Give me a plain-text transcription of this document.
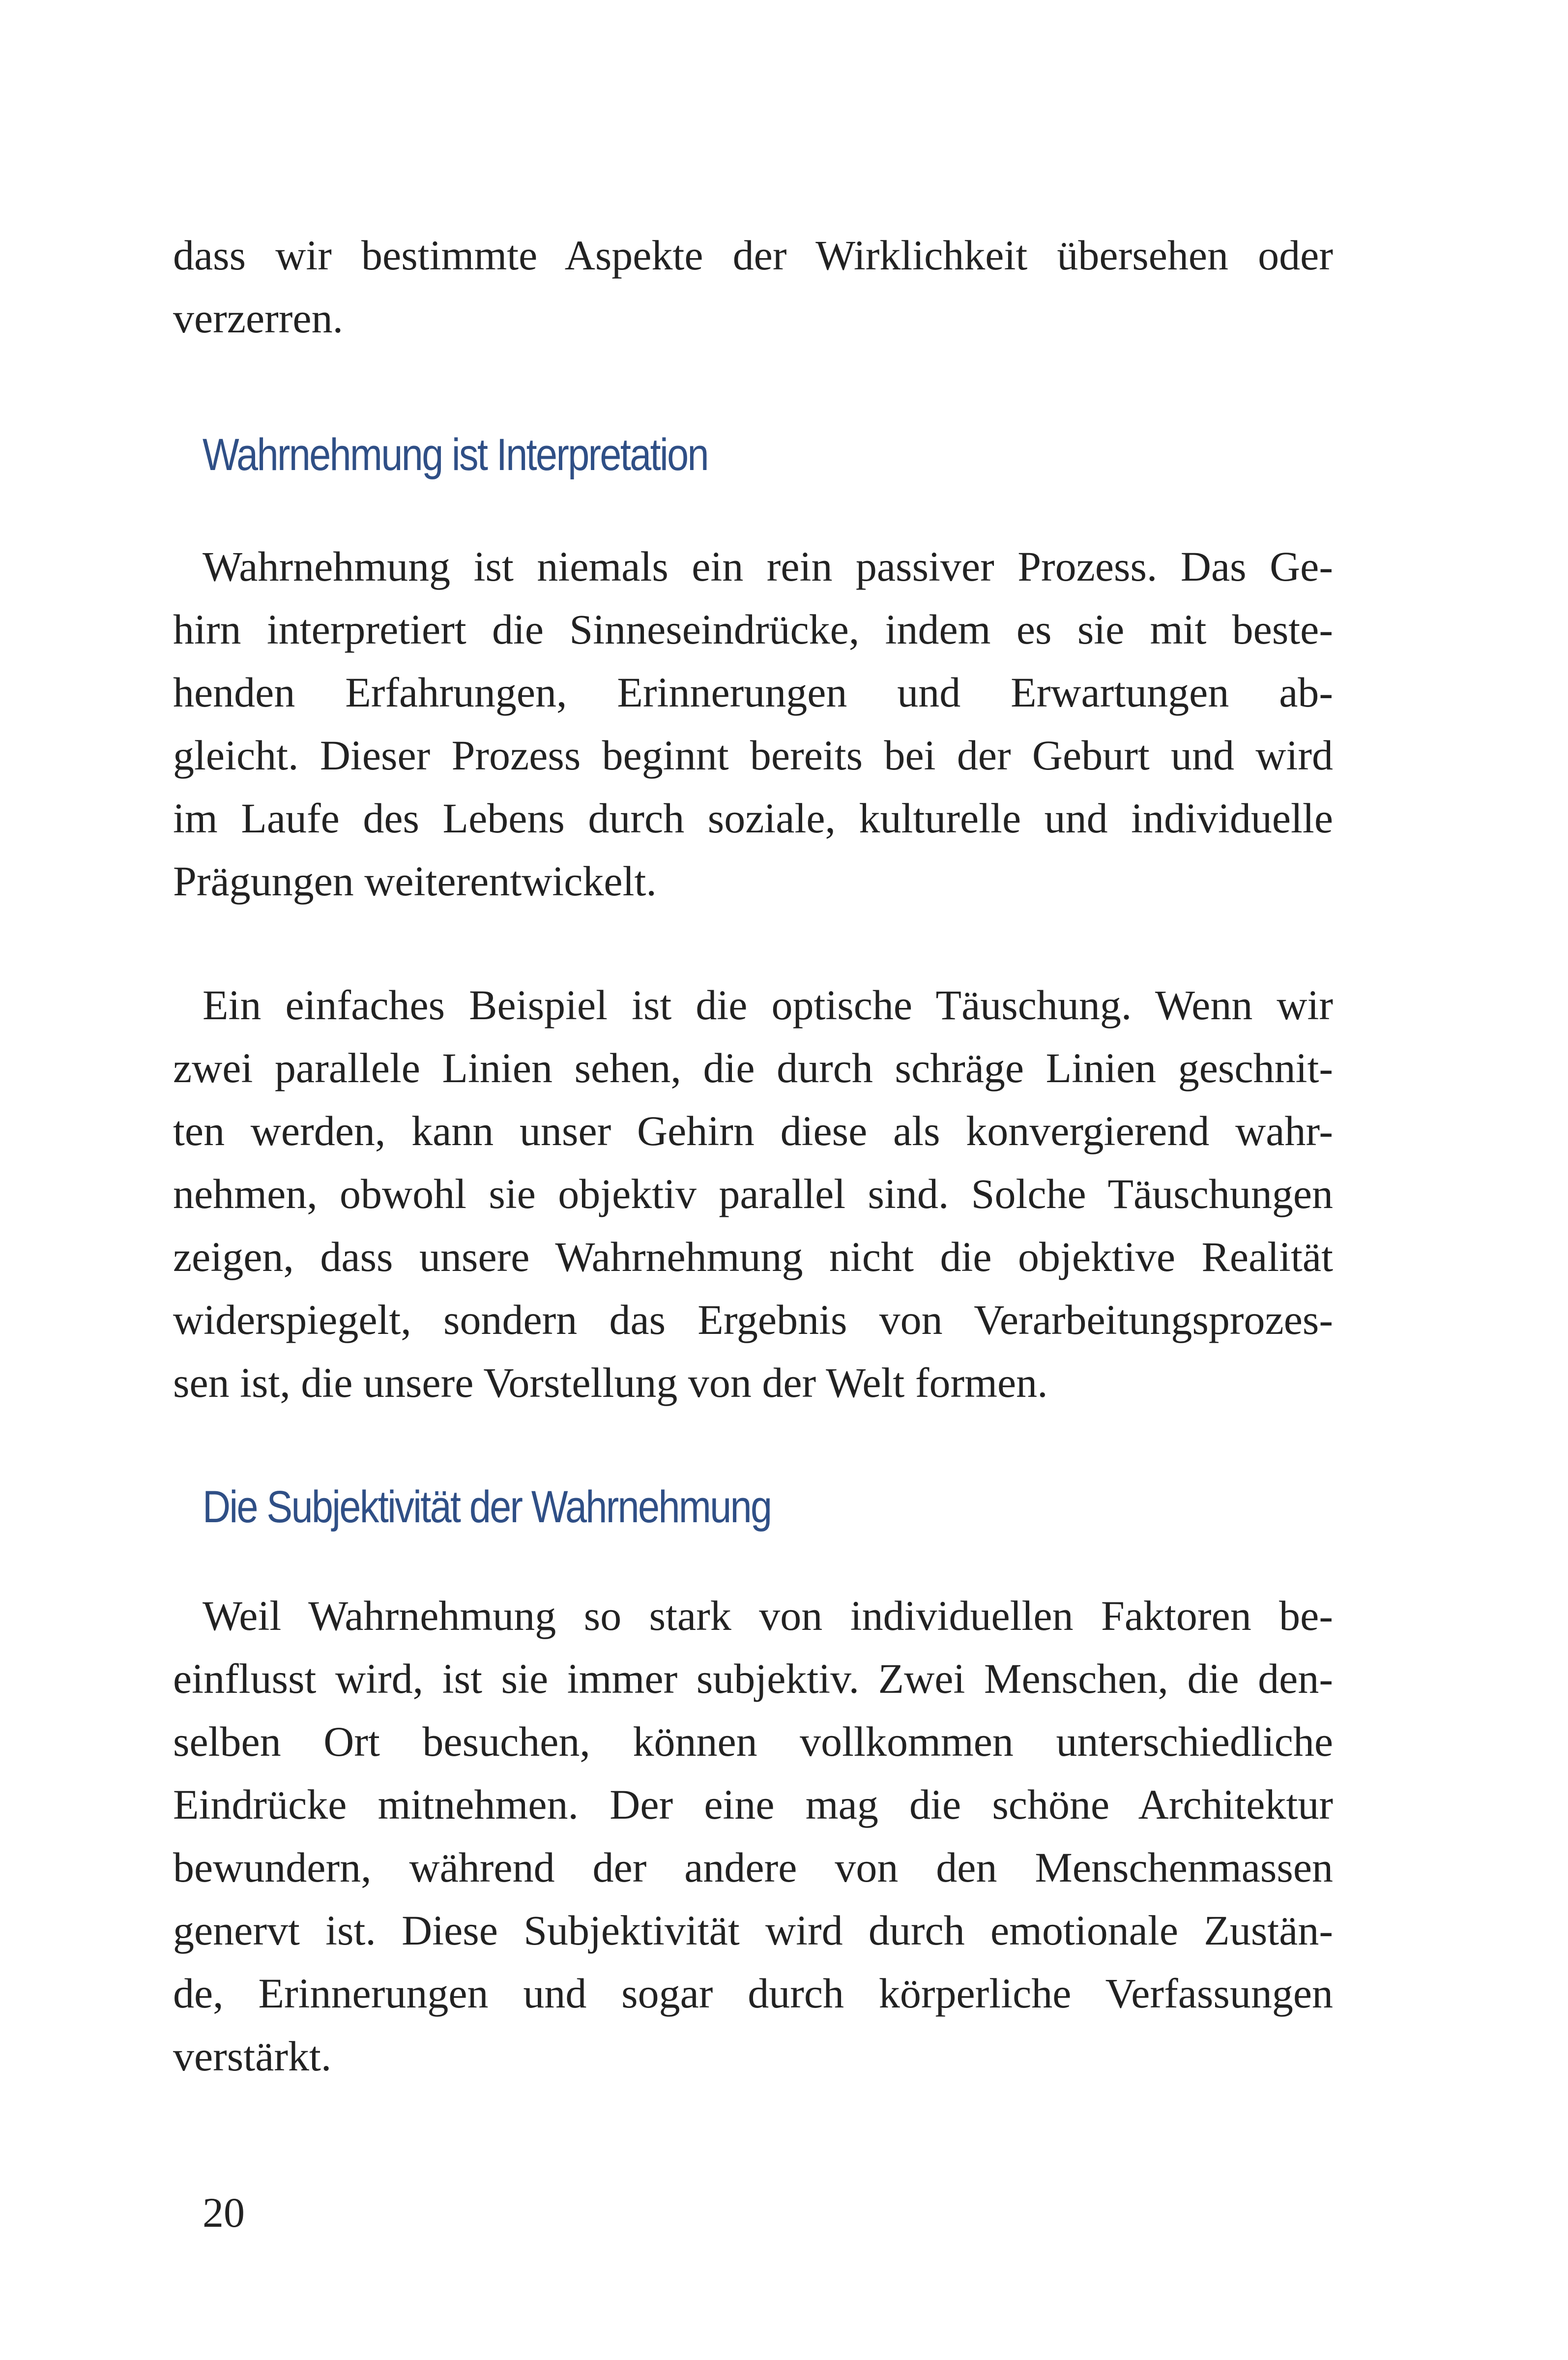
dass wir bestimmte Aspekte der Wirklichkeit übersehen oder
verzerren.

Wahrnehmung ist Interpretation

Wahrnehmung ist niemals ein rein passiver Prozess. Das Ge-
hirn interpretiert die Sinneseindrücke, indem es sie mit beste-
henden Erfahrungen, Erinnerungen und Erwartungen ab-
gleicht. Dieser Prozess beginnt bereits bei der Geburt und wird
im Laufe des Lebens durch soziale, kulturelle und individuelle
Prägungen weiterentwickelt.

Ein einfaches Beispiel ist die optische Täuschung. Wenn wir
zwei parallele Linien sehen, die durch schräge Linien geschnit-
ten werden, kann unser Gehirn diese als konvergierend wahr-
nehmen, obwohl sie objektiv parallel sind. Solche Täuschungen
zeigen, dass unsere Wahrnehmung nicht die objektive Realität
widerspiegelt, sondern das Ergebnis von Verarbeitungsprozes-
sen ist, die unsere Vorstellung von der Welt formen.

Die Subjektivität der Wahrnehmung

Weil Wahrnehmung so stark von individuellen Faktoren be-
einflusst wird, ist sie immer subjektiv. Zwei Menschen, die den-
selben Ort besuchen, können vollkommen unterschiedliche
Eindrücke mitnehmen. Der eine mag die schöne Architektur
bewundern, während der andere von den Menschenmassen
genervt ist. Diese Subjektivität wird durch emotionale Zustän-
de, Erinnerungen und sogar durch körperliche Verfassungen
verstärkt.

20
